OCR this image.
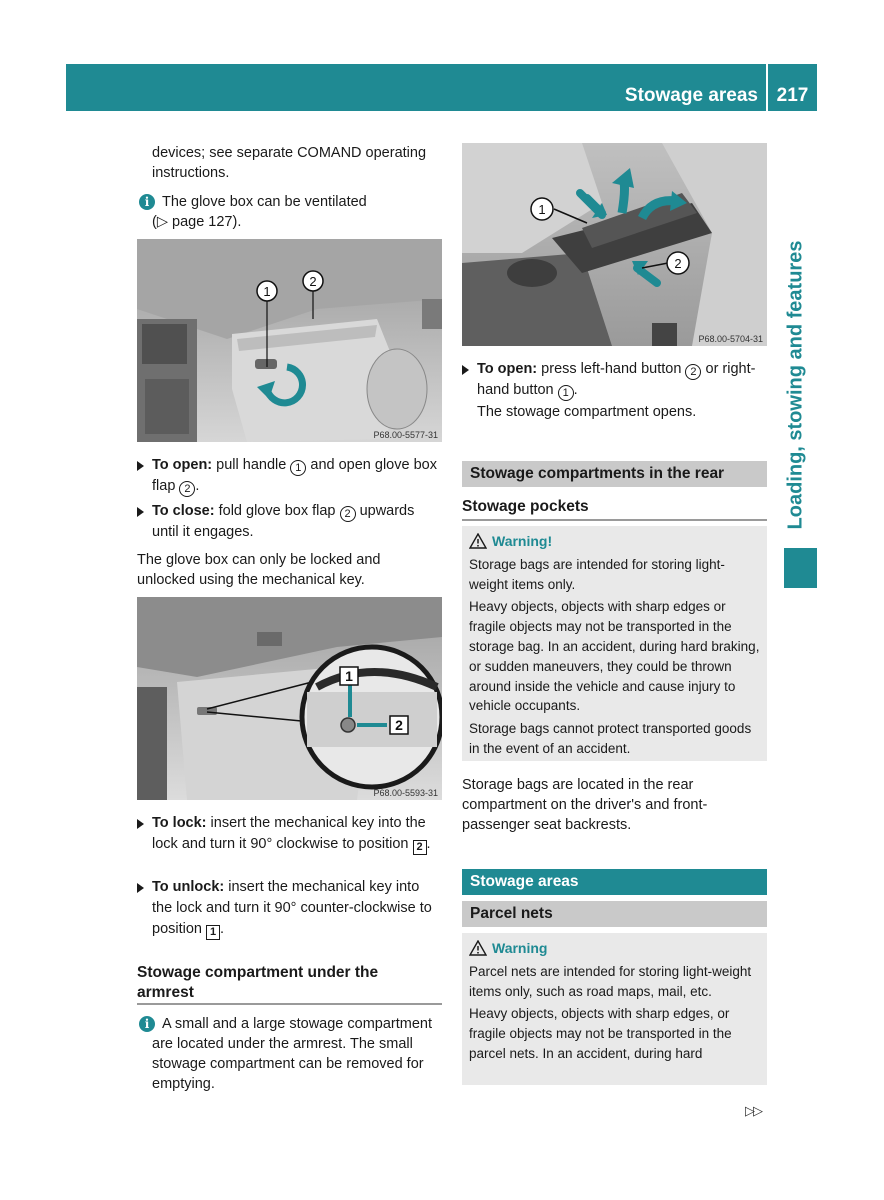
Stowage areas 217
Loading, stowing and features
devices; see separate COMAND operating instructions.
i The glove box can be ventilated
(▷ page 127).
1
2
P68.00-5577-31
To open: pull handle 1 and open glove box flap 2 .
To close: fold glove box flap 2 upwards until it engages.
The glove box can only be locked and unlocked using the mechanical key.
1
2
P68.00-5593-31
To lock: insert the mechanical key into the lock and turn it 90° clockwise to position 2 .
To unlock: insert the mechanical key into the lock and turn it 90° counter-clockwise to position 1 .
Stowage compartment under the armrest
i A small and a large stowage compartment are located under the armrest. The small stowage compartment can be removed for emptying.
1
2
P68.00-5704-31
To open: press left-hand button 2 or right-hand button 1 .
The stowage compartment opens.
Stowage compartments in the rear
Stowage pockets
Warning!
Storage bags are intended for storing light-weight items only.
Heavy objects, objects with sharp edges or fragile objects may not be transported in the storage bag. In an accident, during hard braking, or sudden maneuvers, they could be thrown around inside the vehicle and cause injury to vehicle occupants.
Storage bags cannot protect transported goods in the event of an accident.
Storage bags are located in the rear compartment on the driver's and front-passenger seat backrests.
Stowage areas
Parcel nets
Warning
Parcel nets are intended for storing light-weight items only, such as road maps, mail, etc.
Heavy objects, objects with sharp edges, or fragile objects may not be transported in the parcel nets. In an accident, during hard
▷▷
